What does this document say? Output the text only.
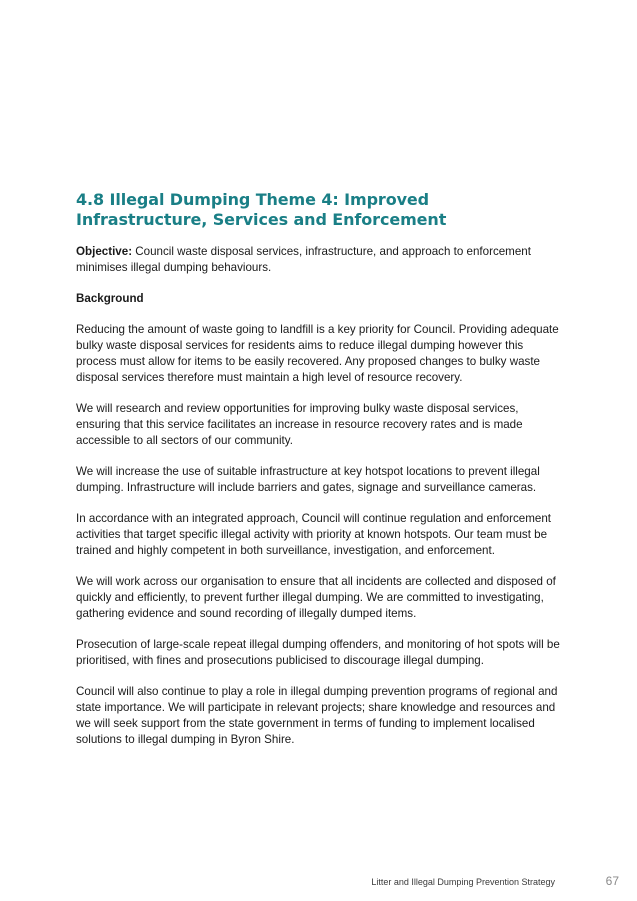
4.8 Illegal Dumping Theme 4: Improved Infrastructure, Services and Enforcement

Objective: Council waste disposal services, infrastructure, and approach to enforcement minimises illegal dumping behaviours.

Background

Reducing the amount of waste going to landfill is a key priority for Council. Providing adequate bulky waste disposal services for residents aims to reduce illegal dumping however this process must allow for items to be easily recovered. Any proposed changes to bulky waste disposal services therefore must maintain a high level of resource recovery.

We will research and review opportunities for improving bulky waste disposal services, ensuring that this service facilitates an increase in resource recovery rates and is made accessible to all sectors of our community.

We will increase the use of suitable infrastructure at key hotspot locations to prevent illegal dumping. Infrastructure will include barriers and gates, signage and surveillance cameras.

In accordance with an integrated approach, Council will continue regulation and enforcement activities that target specific illegal activity with priority at known hotspots. Our team must be trained and highly competent in both surveillance, investigation, and enforcement.

We will work across our organisation to ensure that all incidents are collected and disposed of quickly and efficiently, to prevent further illegal dumping. We are committed to investigating, gathering evidence and sound recording of illegally dumped items.

Prosecution of large-scale repeat illegal dumping offenders, and monitoring of hot spots will be prioritised, with fines and prosecutions publicised to discourage illegal dumping.

Council will also continue to play a role in illegal dumping prevention programs of regional and state importance. We will participate in relevant projects; share knowledge and resources and we will seek support from the state government in terms of funding to implement localised solutions to illegal dumping in Byron Shire.

Litter and Illegal Dumping Prevention Strategy	67
